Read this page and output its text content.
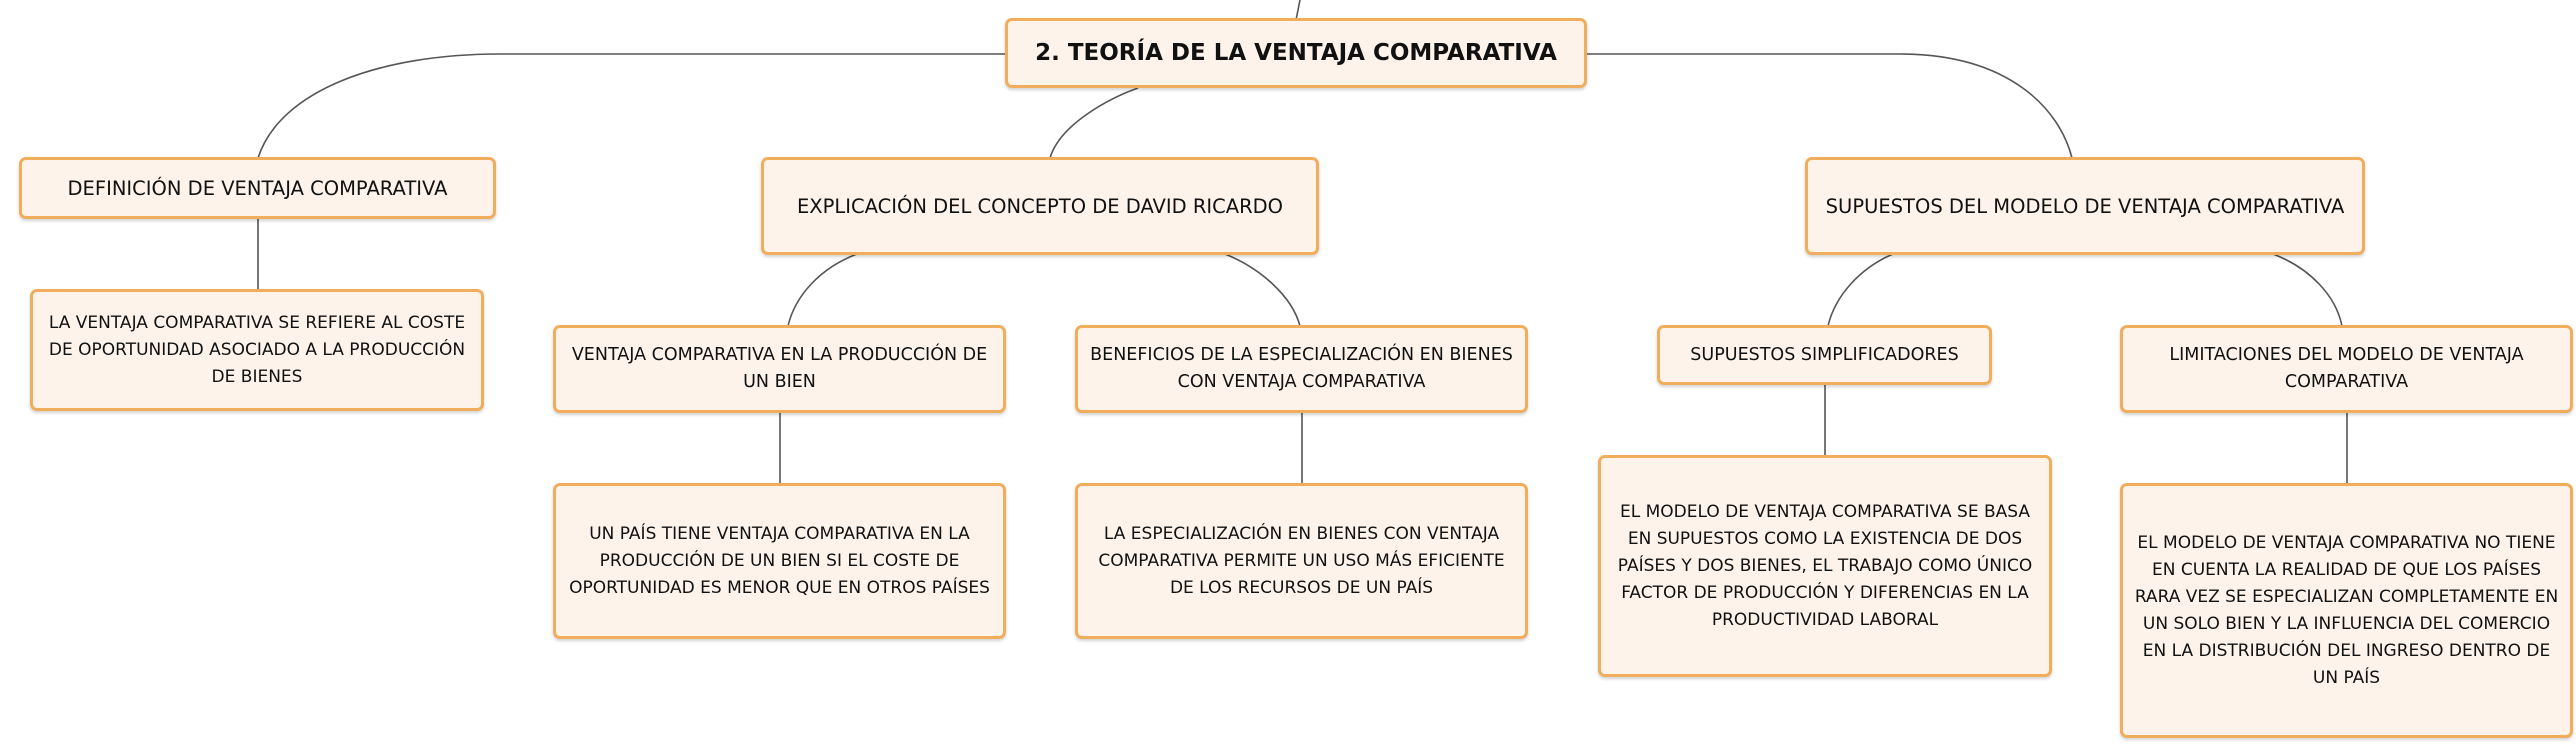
2. TEORÍA DE LA VENTAJA COMPARATIVA
DEFINICIÓN DE VENTAJA COMPARATIVA
LA VENTAJA COMPARATIVA SE REFIERE AL COSTE DE OPORTUNIDAD ASOCIADO A LA PRODUCCIÓN DE BIENES
EXPLICACIÓN DEL CONCEPTO DE DAVID RICARDO
VENTAJA COMPARATIVA EN LA PRODUCCIÓN DE UN BIEN
UN PAÍS TIENE VENTAJA COMPARATIVA EN LA PRODUCCIÓN DE UN BIEN SI EL COSTE DE OPORTUNIDAD ES MENOR QUE EN OTROS PAÍSES
BENEFICIOS DE LA ESPECIALIZACIÓN EN BIENES CON VENTAJA COMPARATIVA
LA ESPECIALIZACIÓN EN BIENES CON VENTAJA COMPARATIVA PERMITE UN USO MÁS EFICIENTE DE LOS RECURSOS DE UN PAÍS
SUPUESTOS DEL MODELO DE VENTAJA COMPARATIVA
SUPUESTOS SIMPLIFICADORES
EL MODELO DE VENTAJA COMPARATIVA SE BASA EN SUPUESTOS COMO LA EXISTENCIA DE DOS PAÍSES Y DOS BIENES, EL TRABAJO COMO ÚNICO FACTOR DE PRODUCCIÓN Y DIFERENCIAS EN LA PRODUCTIVIDAD LABORAL
LIMITACIONES DEL MODELO DE VENTAJA COMPARATIVA
EL MODELO DE VENTAJA COMPARATIVA NO TIENE EN CUENTA LA REALIDAD DE QUE LOS PAÍSES RARA VEZ SE ESPECIALIZAN COMPLETAMENTE EN UN SOLO BIEN Y LA INFLUENCIA DEL COMERCIO EN LA DISTRIBUCIÓN DEL INGRESO DENTRO DE UN PAÍS
